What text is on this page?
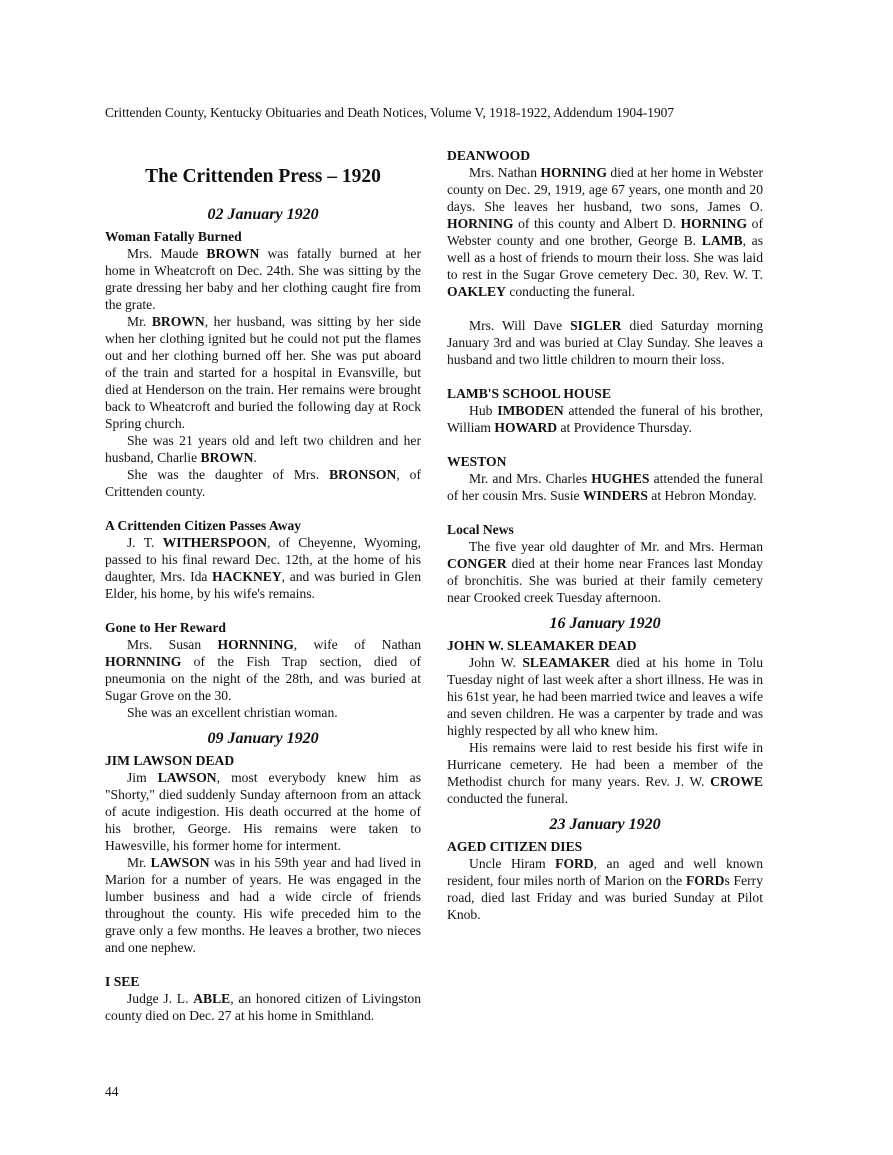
Crittenden County, Kentucky Obituaries and Death Notices, Volume V, 1918-1922, Addendum 1904-1907
The Crittenden Press – 1920
02 January 1920
Woman Fatally Burned

Mrs. Maude BROWN was fatally burned at her home in Wheatcroft on Dec. 24th. She was sitting by the grate dressing her baby and her clothing caught fire from the grate.

Mr. BROWN, her husband, was sitting by her side when her clothing ignited but he could not put the flames out and her clothing burned off her. She was put aboard of the train and started for a hospital in Evansville, but died at Henderson on the train. Her remains were brought back to Wheatcroft and buried the following day at Rock Spring church.

She was 21 years old and left two children and her husband, Charlie BROWN.

She was the daughter of Mrs. BRONSON, of Crittenden county.

A Crittenden Citizen Passes Away

J. T. WITHERSPOON, of Cheyenne, Wyoming, passed to his final reward Dec. 12th, at the home of his daughter, Mrs. Ida HACKNEY, and was buried in Glen Elder, his home, by his wife's remains.

Gone to Her Reward

Mrs. Susan HORNNING, wife of Nathan HORNNING of the Fish Trap section, died of pneumonia on the night of the 28th, and was buried at Sugar Grove on the 30.

She was an excellent christian woman.

09 January 1920
JIM LAWSON DEAD

Jim LAWSON, most everybody knew him as "Shorty," died suddenly Sunday afternoon from an attack of acute indigestion. His death occurred at the home of his brother, George. His remains were taken to Hawesville, his former home for interment.

Mr. LAWSON was in his 59th year and had lived in Marion for a number of years. He was engaged in the lumber business and had a wide circle of friends throughout the county. His wife preceded him to the grave only a few months. He leaves a brother, two nieces and one nephew.

I SEE

Judge J. L. ABLE, an honored citizen of Livingston county died on Dec. 27 at his home in Smithland.

DEANWOOD

Mrs. Nathan HORNING died at her home in Webster county on Dec. 29, 1919, age 67 years, one month and 20 days. She leaves her husband, two sons, James O. HORNING of this county and Albert D. HORNING of Webster county and one brother, George B. LAMB, as well as a host of friends to mourn their loss. She was laid to rest in the Sugar Grove cemetery Dec. 30, Rev. W. T. OAKLEY conducting the funeral.

Mrs. Will Dave SIGLER died Saturday morning January 3rd and was buried at Clay Sunday. She leaves a husband and two little children to mourn their loss.

LAMB'S SCHOOL HOUSE

Hub IMBODEN attended the funeral of his brother, William HOWARD at Providence Thursday.

WESTON

Mr. and Mrs. Charles HUGHES attended the funeral of her cousin Mrs. Susie WINDERS at Hebron Monday.

Local News

The five year old daughter of Mr. and Mrs. Herman CONGER died at their home near Frances last Monday of bronchitis. She was buried at their family cemetery near Crooked creek Tuesday afternoon.

16 January 1920
JOHN W. SLEAMAKER DEAD

John W. SLEAMAKER died at his home in Tolu Tuesday night of last week after a short illness. He was in his 61st year, he had been married twice and leaves a wife and seven children. He was a carpenter by trade and was highly respected by all who knew him.

His remains were laid to rest beside his first wife in Hurricane cemetery. He had been a member of the Methodist church for many years. Rev. J. W. CROWE conducted the funeral.

23 January 1920
AGED CITIZEN DIES

Uncle Hiram FORD, an aged and well known resident, four miles north of Marion on the FORDs Ferry road, died last Friday and was buried Sunday at Pilot Knob.

44
